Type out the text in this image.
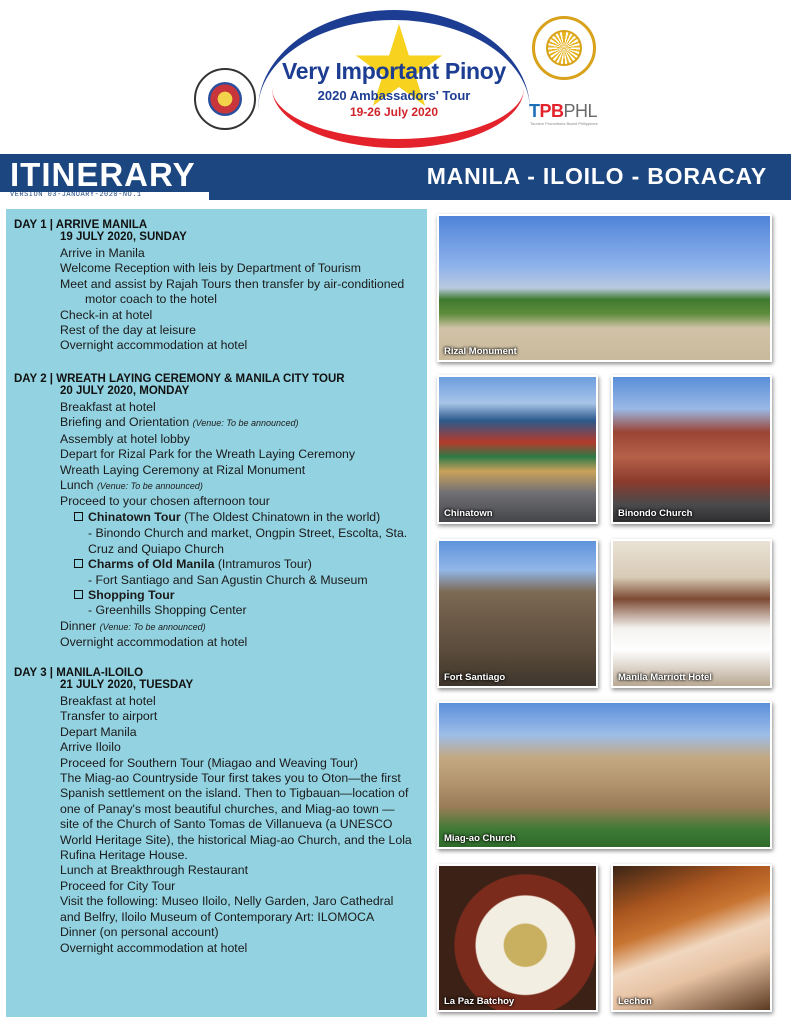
Very Important Pinoy
2020 Ambassadors' Tour
19-26 July 2020	TPBPHL
Tourism Promotions Board Philippines
MANILA - ILOILO - BORACAY
ITINERARY
VERSION 03-JANUARY-2020-NO.1
DAY 1 | ARRIVE MANILA
19 JULY 2020, SUNDAY
Arrive in Manila
Welcome Reception with leis by Department of Tourism
Meet and assist by Rajah Tours then transfer by air-conditioned
motor coach to the hotel
Check-in at hotel
Rest of the day at leisure
Overnight accommodation at hotel
DAY 2 | WREATH LAYING CEREMONY & MANILA CITY TOUR
20 JULY 2020, MONDAY
Breakfast at hotel
Briefing and Orientation (Venue: To be announced)
Assembly at hotel lobby
Depart for Rizal Park for the Wreath Laying Ceremony
Wreath Laying Ceremony at Rizal Monument
Lunch (Venue: To be announced)
Proceed to your chosen afternoon tour
Chinatown Tour (The Oldest Chinatown in the world)
- Binondo Church and market, Ongpin Street, Escolta, Sta.
Cruz and Quiapo Church
Charms of Old Manila (Intramuros Tour)
- Fort Santiago and San Agustin Church & Museum
Shopping Tour
- Greenhills Shopping Center
Dinner (Venue: To be announced)
Overnight accommodation at hotel
DAY 3 | MANILA-ILOILO
21 JULY 2020, TUESDAY
Breakfast at hotel
Transfer to airport
Depart Manila
Arrive Iloilo
Proceed for Southern Tour (Miagao and Weaving Tour)
The Miag-ao Countryside Tour first takes you to Oton—the first
Spanish settlement on the island. Then to Tigbauan—location of
one of Panay's most beautiful churches, and Miag-ao town —
site of the Church of Santo Tomas de Villanueva (a UNESCO
World Heritage Site), the historical Miag-ao Church, and the Lola
Rufina Heritage House.
Lunch at Breakthrough Restaurant
Proceed for City Tour
Visit the following: Museo Iloilo, Nelly Garden, Jaro Cathedral
and Belfry, Iloilo Museum of Contemporary Art: ILOMOCA
Dinner (on personal account)
Overnight accommodation at hotel
Rizal Monument
Chinatown	Binondo Church
Fort Santiago	Manila Marriott Hotel
Miag-ao Church
La Paz Batchoy	Lechon
